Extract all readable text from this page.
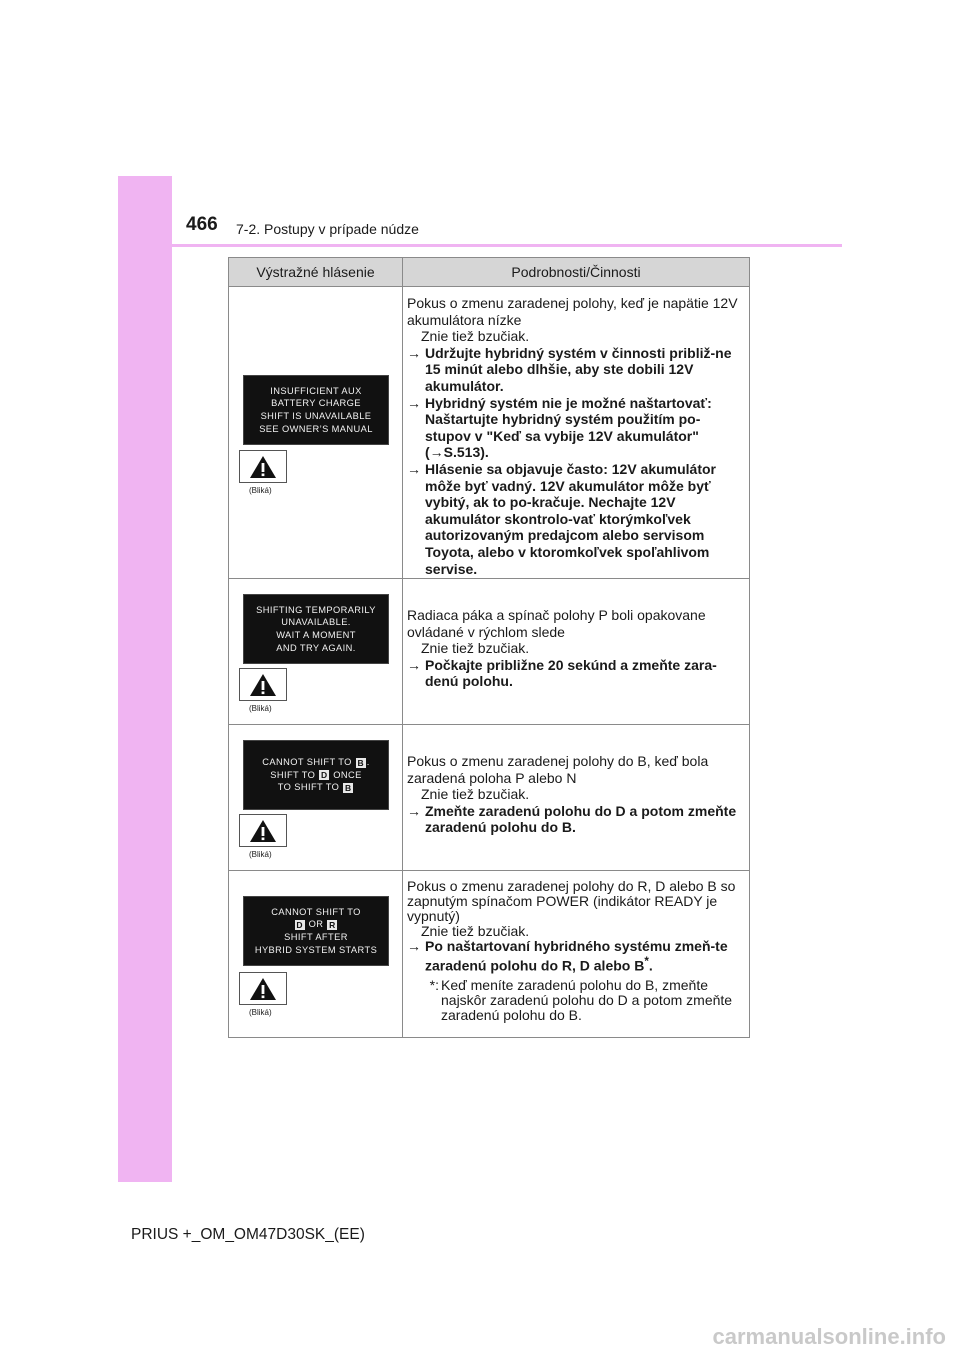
466 7-2. Postupy v prípade núdze
Výstražné hlásenie	Podrobnosti/Činnosti
INSUFFICIENT AUX
BATTERY CHARGE
SHIFT IS UNAVAILABLE
SEE OWNER’S MANUAL
(Bliká)

Pokus o zmenu zaradenej polohy, keď je napätie 12V akumulátora nízke

Znie tiež bzučiak.

→ Udržujte hybridný systém v činnosti približ-ne 15 minút alebo dlhšie, aby ste dobili 12V akumulátor.
→ Hybridný systém nie je možné naštartovať: Naštartujte hybridný systém použitím po-stupov v "Keď sa vybije 12V akumulátor" (→S.513).
→ Hlásenie sa objavuje často: 12V akumulátor môže byť vadný. 12V akumulátor môže byť vybitý, ak to po-kračuje. Nechajte 12V akumulátor skontrolo-vať ktorýmkoľvek autorizovaným predajcom alebo servisom Toyota, alebo v ktoromkoľvek spoľahlivom servise.
SHIFTING TEMPORARILY
UNAVAILABLE.
WAIT A MOMENT
AND TRY AGAIN.
(Bliká)

Radiaca páka a spínač polohy P boli opakovane ovládané v rýchlom slede

Znie tiež bzučiak.

→ Počkajte približne 20 sekúnd a zmeňte zara-denú polohu.
CANNOT SHIFT TO B .
SHIFT TO D ONCE
TO SHIFT TO B
(Bliká)

Pokus o zmenu zaradenej polohy do B, keď bola zaradená poloha P alebo N

Znie tiež bzučiak.

→ Zmeňte zaradenú polohu do D a potom zmeňte zaradenú polohu do B.
CANNOT SHIFT TO
D OR R
SHIFT AFTER
HYBRID SYSTEM STARTS
(Bliká)

Pokus o zmenu zaradenej polohy do R, D alebo B so zapnutým spínačom POWER (indikátor READY je vypnutý)

Znie tiež bzučiak.

→ Po naštartovaní hybridného systému zmeň-te zaradenú polohu do R, D alebo B*.
*: Keď meníte zaradenú polohu do B, zmeňte najskôr zaradenú polohu do D a potom zmeňte zaradenú polohu do B.
PRIUS +_OM_OM47D30SK_(EE)
carmanualsonline.info
